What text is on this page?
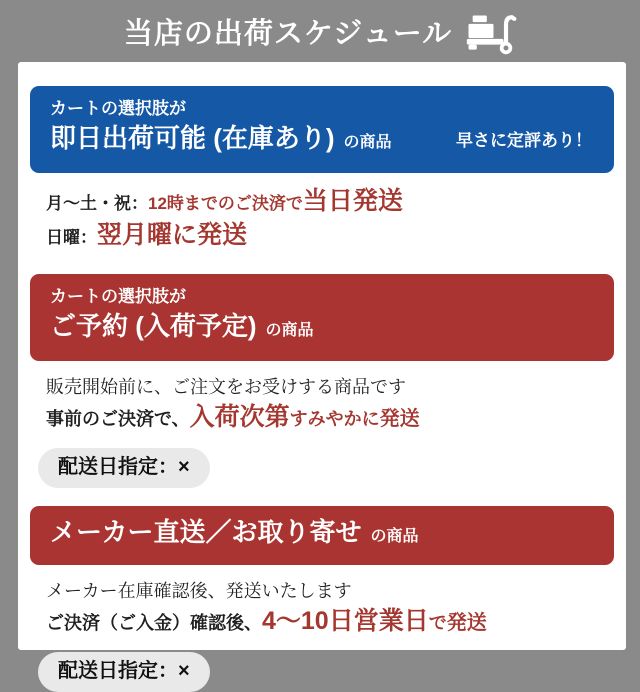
当店の出荷スケジュール
カートの選択肢が
即日出荷可能 (在庫あり) の商品	早さに定評あり！
月～土・祝：12時までのご決済で当日発送
日曜：翌月曜に発送
カートの選択肢が
ご予約 (入荷予定) の商品
販売開始前に、ご注文をお受けする商品です
事前のご決済で、入荷次第すみやかに発送
配送日指定：×
メーカー直送／お取り寄せ の商品
メーカー在庫確認後、発送いたします
ご決済（ご入金）確認後、4～10日営業日で発送
配送日指定：×
